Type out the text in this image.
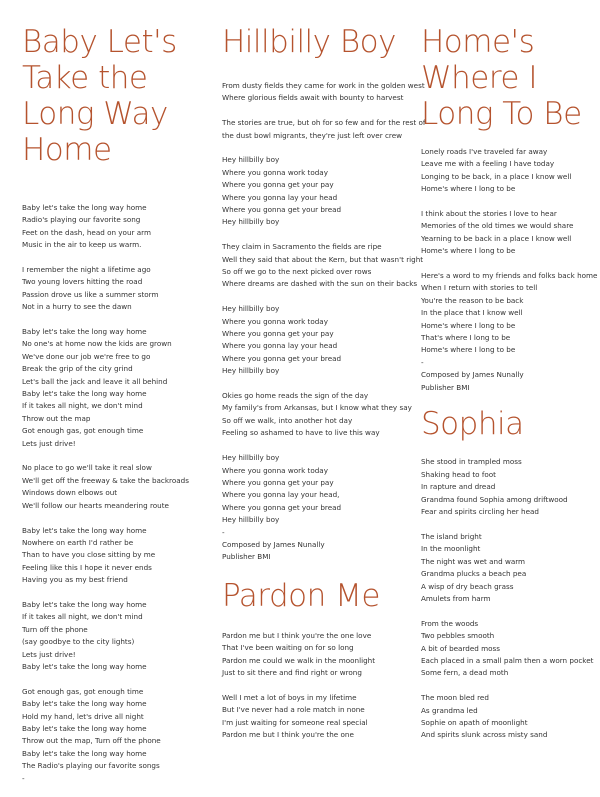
Baby Let's Take the Long Way Home
Baby let's take the long way home
Radio's playing our favorite song
Feet on the dash, head on your arm
Music in the air to keep us warm.
I remember the night a lifetime ago
Two young lovers hitting the road
Passion drove us like a summer storm
Not in a hurry to see the dawn
Baby let's take the long way home
No one's at home now the kids are grown
We've done our job we're free to go
Break the grip of the city grind
Let's ball the jack and leave it all behind
Baby let's take the long way home
If it takes all night, we don't mind
Throw out the map
Got enough gas, got enough time
Lets just drive!
No place to go we'll take it real slow
We'll get off the freeway & take the backroads
Windows down elbows out
We'll follow our hearts meandering route
Baby let's take the long way home
Nowhere on earth I'd rather be
Than to have you close sitting by me
Feeling like this I hope it never ends
Having you as my best friend
Baby let's take the long way home
If it takes all night, we don't mind
Turn off the phone
(say goodbye to the city lights)
Lets just drive!
Baby let's take the long way home
Got enough gas, got enough time
Baby let's take the long way home
Hold my hand, let's drive all night
Baby let's take the long way home
Throw out the map, Turn off the phone
Baby let's take the long way home
The Radio's playing our favorite songs
-
Hillbilly Boy
From dusty fields they came for work in the golden west
Where glorious fields await with bounty to harvest
The stories are true, but oh for so few and for the rest of
the dust bowl migrants, they're just left over crew
Hey hillbilly boy
Where you gonna work today
Where you gonna get your pay
Where you gonna lay your head
Where you gonna get your bread
Hey hillbilly boy
They claim in Sacramento the fields are ripe
Well they said that about the Kern, but that wasn't right
So off we go to the next picked over rows
Where dreams are dashed with the sun on their backs
Hey hillbilly boy
Where you gonna work today
Where you gonna get your pay
Where you gonna lay your head
Where you gonna get your bread
Hey hillbilly boy
Okies go home reads the sign of the day
My family's from Arkansas, but I know what they say
So off we walk, into another hot day
Feeling so ashamed to have to live this way
Hey hillbilly boy
Where you gonna work today
Where you gonna get your pay
Where you gonna lay your head,
Where you gonna get your bread
Hey hillbilly boy
-
Composed by James Nunally
Publisher BMI
Pardon Me
Pardon me but I think you're the one love
That I've been waiting on for so long
Pardon me could we walk in the moonlight
Just to sit there and find right or wrong
Well I met a lot of boys in my lifetime
But I've never had a role match in none
I'm just waiting for someone real special
Pardon me but I think you're the one
Home's Where I Long To Be
Lonely roads I've traveled far away
Leave me with a feeling I have today
Longing to be back, in a place I know well
Home's where I long to be
I think about the stories I love to hear
Memories of the old times we would share
Yearning to be back in a place I know well
Home's where I long to be
Here's a word to my friends and folks back home
When I return with stories to tell
You're the reason to be back
In the place that I know well
Home's where I long to be
That's where I long to be
Home's where I long to be
-
Composed by James Nunally
Publisher BMI
Sophia
She stood in trampled moss
Shaking head to foot
In rapture and dread
Grandma found Sophia among driftwood
Fear and spirits circling her head
The island bright
In the moonlight
The night was wet and warm
Grandma plucks a beach pea
A wisp of dry beach grass
Amulets from harm
From the woods
Two pebbles smooth
A bit of bearded moss
Each placed in a small palm then a worn pocket
Some fern, a dead moth
The moon bled red
As grandma led
Sophie on apath of moonlight
And spirits slunk across misty sand
